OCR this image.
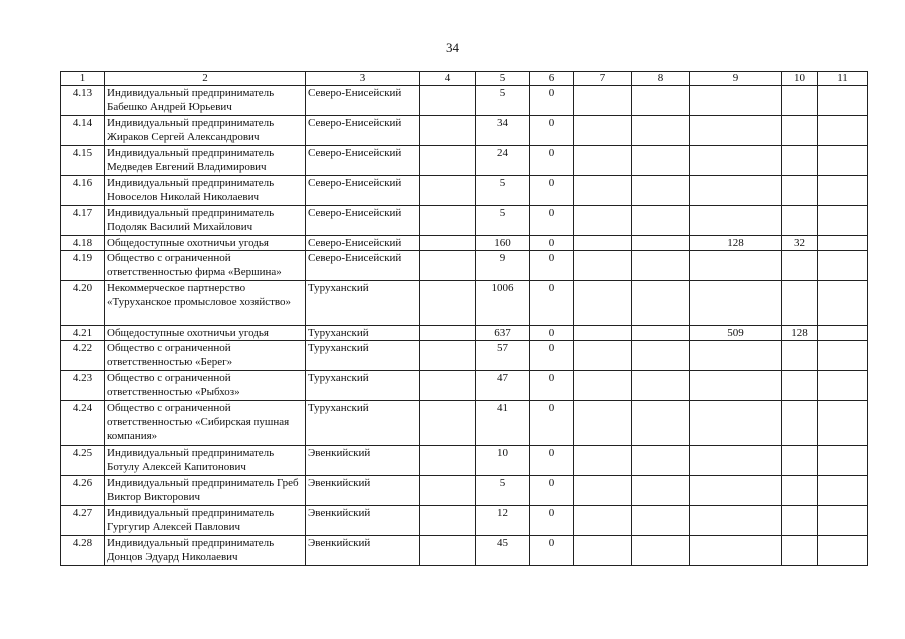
34
1	2	3	4	5	6	7	8	9	10	11
4.13	Индивидуальный предприниматель Бабешко Андрей Юрьевич	Северо-Енисейский		5	0					
4.14	Индивидуальный предприниматель Жираков Сергей Александрович	Северо-Енисейский		34	0					
4.15	Индивидуальный предприниматель Медведев Евгений Владимирович	Северо-Енисейский		24	0					
4.16	Индивидуальный предприниматель Новоселов Николай Николаевич	Северо-Енисейский		5	0					
4.17	Индивидуальный предприниматель Подоляк Василий Михайлович	Северо-Енисейский		5	0					
4.18	Общедоступные охотничьи угодья	Северо-Енисейский		160	0			128	32	
4.19	Общество с ограниченной ответственностью фирма «Вершина»	Северо-Енисейский		9	0					
4.20	Некоммерческое партнерство «Туруханское промысловое хозяйство»	Туруханский		1006	0					
4.21	Общедоступные охотничьи угодья	Туруханский		637	0			509	128	
4.22	Общество с ограниченной ответственностью «Берег»	Туруханский		57	0					
4.23	Общество с ограниченной ответственностью «Рыбхоз»	Туруханский		47	0					
4.24	Общество с ограниченной ответственностью «Сибирская пушная компания»	Туруханский		41	0					
4.25	Индивидуальный предприниматель Ботулу Алексей Капитонович	Эвенкийский		10	0					
4.26	Индивидуальный предприниматель Греб Виктор Викторович	Эвенкийский		5	0					
4.27	Индивидуальный предприниматель Гургугир Алексей Павлович	Эвенкийский		12	0					
4.28	Индивидуальный предприниматель Донцов Эдуард Николаевич	Эвенкийский		45	0					
